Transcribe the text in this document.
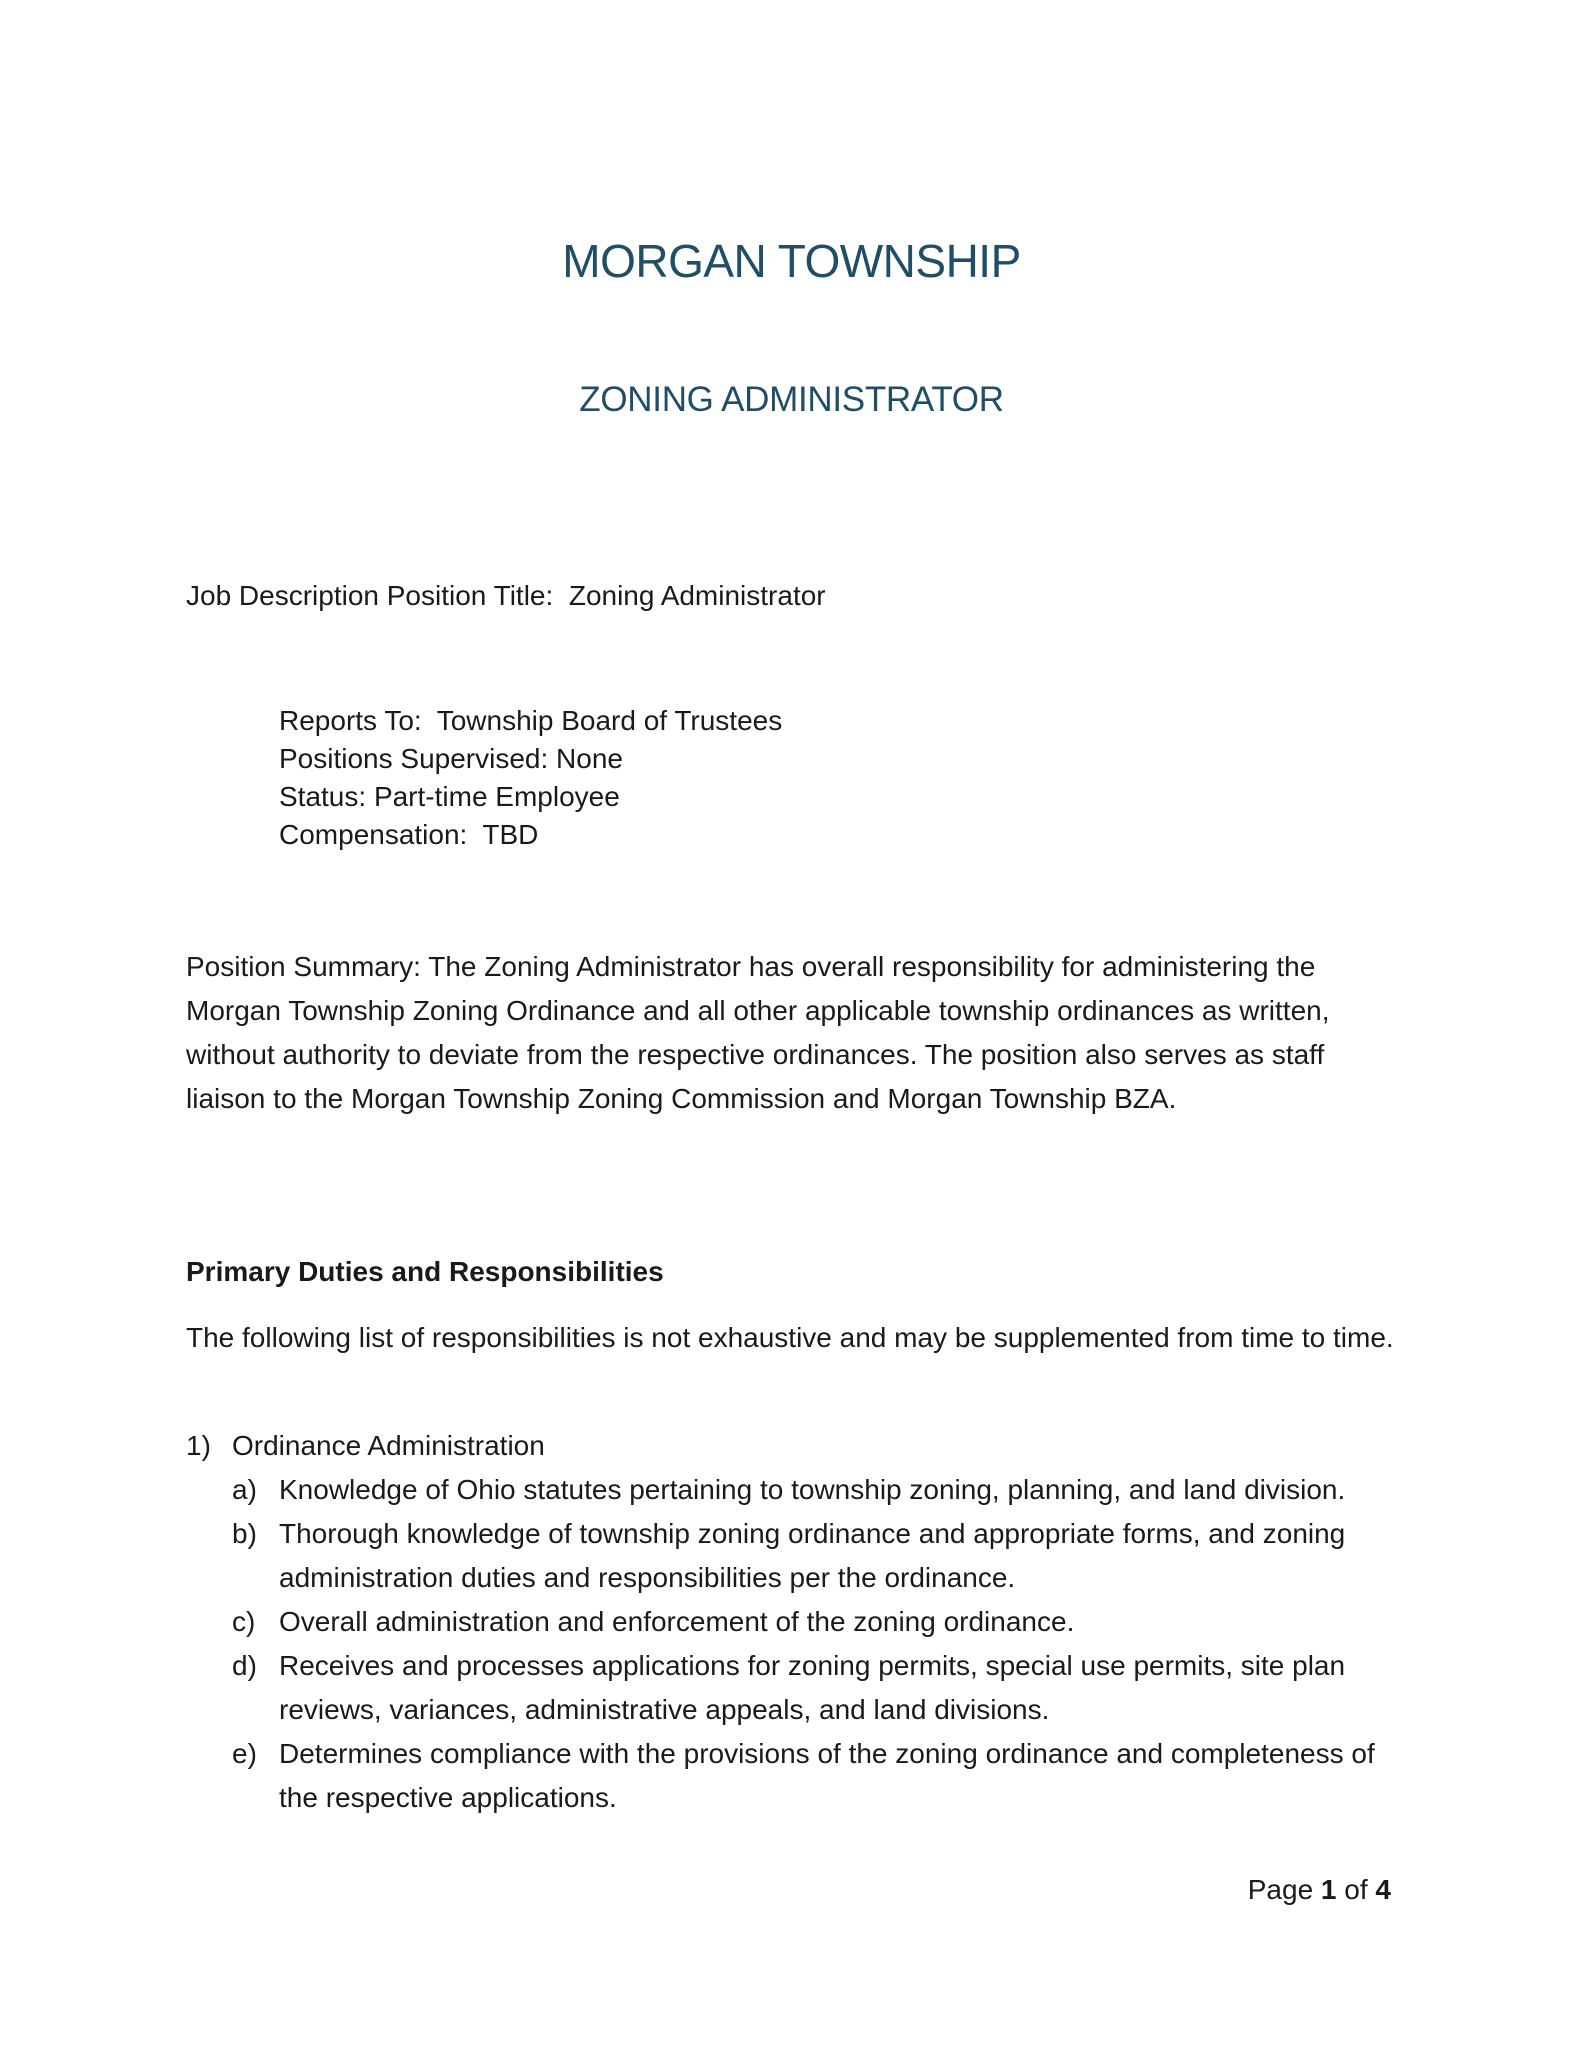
MORGAN TOWNSHIP
ZONING ADMINISTRATOR

Job Description Position Title:  Zoning Administrator

Reports To:  Township Board of Trustees
Positions Supervised: None
Status: Part-time Employee
Compensation:  TBD

Position Summary: The Zoning Administrator has overall responsibility for administering the Morgan Township Zoning Ordinance and all other applicable township ordinances as written, without authority to deviate from the respective ordinances. The position also serves as staff liaison to the Morgan Township Zoning Commission and Morgan Township BZA.

Primary Duties and Responsibilities

The following list of responsibilities is not exhaustive and may be supplemented from time to time.

1) Ordinance Administration
a) Knowledge of Ohio statutes pertaining to township zoning, planning, and land division.
b) Thorough knowledge of township zoning ordinance and appropriate forms, and zoning administration duties and responsibilities per the ordinance.
c) Overall administration and enforcement of the zoning ordinance.
d) Receives and processes applications for zoning permits, special use permits, site plan reviews, variances, administrative appeals, and land divisions.
e) Determines compliance with the provisions of the zoning ordinance and completeness of the respective applications.
Page 1 of 4
